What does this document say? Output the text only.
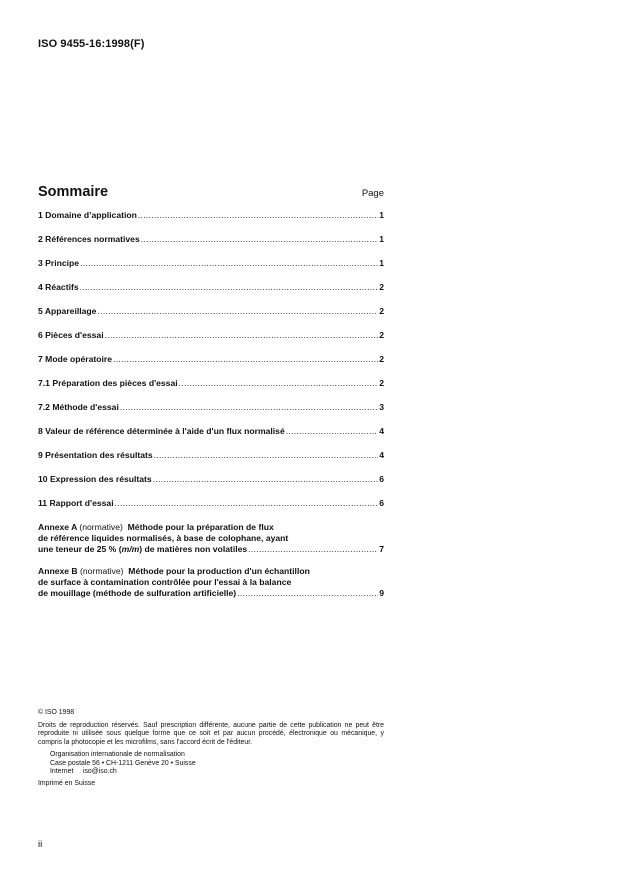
ISO 9455-16:1998(F)
Sommaire	Page
1 Domaine d’application .....	1
2 Références normatives .....	1
3 Principe .....	1
4 Réactifs .....	2
5 Appareillage .....	2
6 Pièces d'essai .....	2
7 Mode opératoire .....	2
7.1 Préparation des pièces d'essai .....	2
7.2 Méthode d'essai .....	3
8 Valeur de référence déterminée à l'aide d'un flux normalisé .....	4
9 Présentation des résultats .....	4
10 Expression des résultats .....	6
11 Rapport d'essai .....	6
Annexe A (normative) Méthode pour la préparation de flux
de référence liquides normalisés, à base de colophane, ayant
une teneur de 25 % (m/m) de matières non volatiles .....	7
Annexe B (normative) Méthode pour la production d'un échantillon
de surface à contamination contrôlée pour l'essai à la balance
de mouillage (méthode de sulfuration artificielle) .....	9

© ISO 1998

Droits de reproduction réservés. Sauf prescription différente, aucune partie de cette publication ne peut être reproduite ni utilisée sous quelque forme que ce soit et par aucun procédé, électronique ou mécanique, y compris la photocopie et les microfilms, sans l'accord écrit de l'éditeur.

Organisation internationale de normalisation

Case postale 56 • CH-1211 Genève 20 • Suisse

Internet     iso@iso.ch

Imprimé en Suisse

ii
